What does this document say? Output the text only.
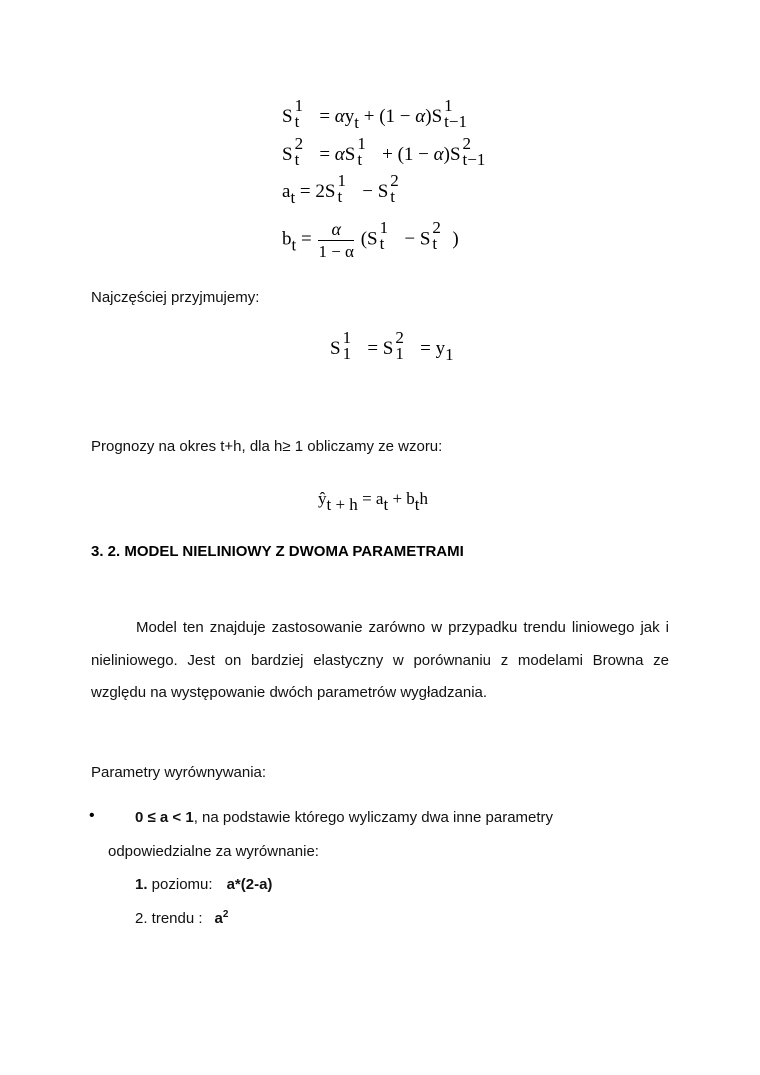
S
1
t = αyt + (1 − α)S
1
t−1
S
2
t = αS
1
t + (1 − α)S
2
t−1
at = 2S
1
t − S
2
t
bt = $\frac{\alpha}{1 - \alpha} (S$
1
t − S
2
t )
Najczęściej przyjmujemy:
S
1
1 = S
2
1 = y1
Prognozy na okres t+h, dla h≥ 1 obliczamy ze wzoru:
ŷt + h = at + bth
3. 2. MODEL NIELINIOWY Z DWOMA PARAMETRAMI
Model ten znajduje zastosowanie zarówno w przypadku trendu liniowego jak i nieliniowego. Jest on bardziej elastyczny w porównaniu z modelami Browna ze względu na występowanie dwóch parametrów wygładzania.
Parametry wyrównywania:
•	0 ≤ a < 1, na podstawie którego wyliczamy dwa inne parametry
odpowiedzialne za wyrównanie:
1. poziomu: a*(2-a)
2. trendu : $a^2$
